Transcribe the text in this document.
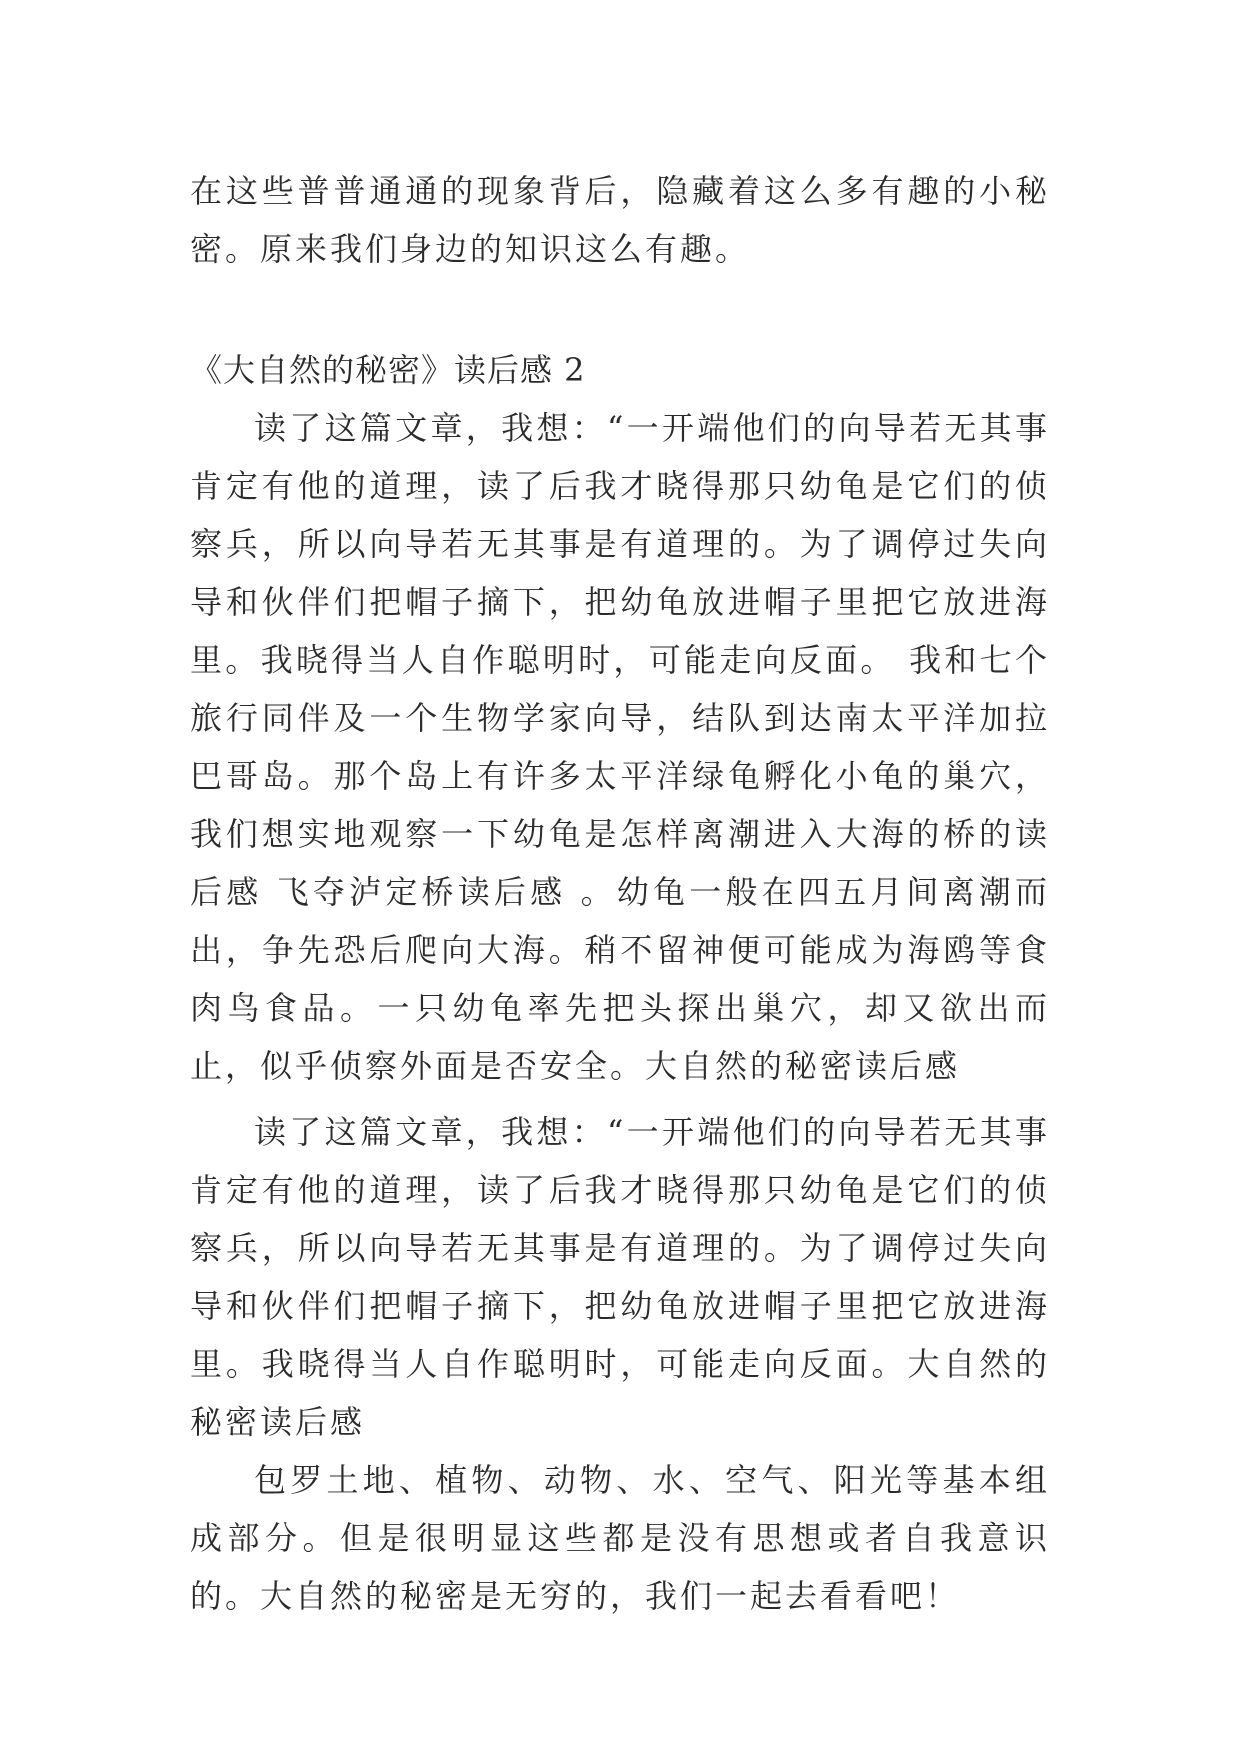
在这些普普通通的现象背后，隐藏着这么多有趣的小秘密。原来我们身边的知识这么有趣。

《大自然的秘密》读后感 2

读了这篇文章，我想：“一开端他们的向导若无其事肯定有他的道理，读了后我才晓得那只幼龟是它们的侦察兵，所以向导若无其事是有道理的。为了调停过失向导和伙伴们把帽子摘下，把幼龟放进帽子里把它放进海里。我晓得当人自作聪明时，可能走向反面。 我和七个旅行同伴及一个生物学家向导，结队到达南太平洋加拉巴哥岛。那个岛上有许多太平洋绿龟孵化小龟的巢穴，我们想实地观察一下幼龟是怎样离潮进入大海的桥的读后感 飞夺泸定桥读后感 。幼龟一般在四五月间离潮而出，争先恐后爬向大海。稍不留神便可能成为海鸥等食肉鸟食品。一只幼龟率先把头探出巢穴，却又欲出而止，似乎侦察外面是否安全。大自然的秘密读后感

读了这篇文章，我想：“一开端他们的向导若无其事肯定有他的道理，读了后我才晓得那只幼龟是它们的侦察兵，所以向导若无其事是有道理的。为了调停过失向导和伙伴们把帽子摘下，把幼龟放进帽子里把它放进海里。我晓得当人自作聪明时，可能走向反面。大自然的秘密读后感

包罗土地、植物、动物、水、空气、阳光等基本组成部分。但是很明显这些都是没有思想或者自我意识的。大自然的秘密是无穷的，我们一起去看看吧！
